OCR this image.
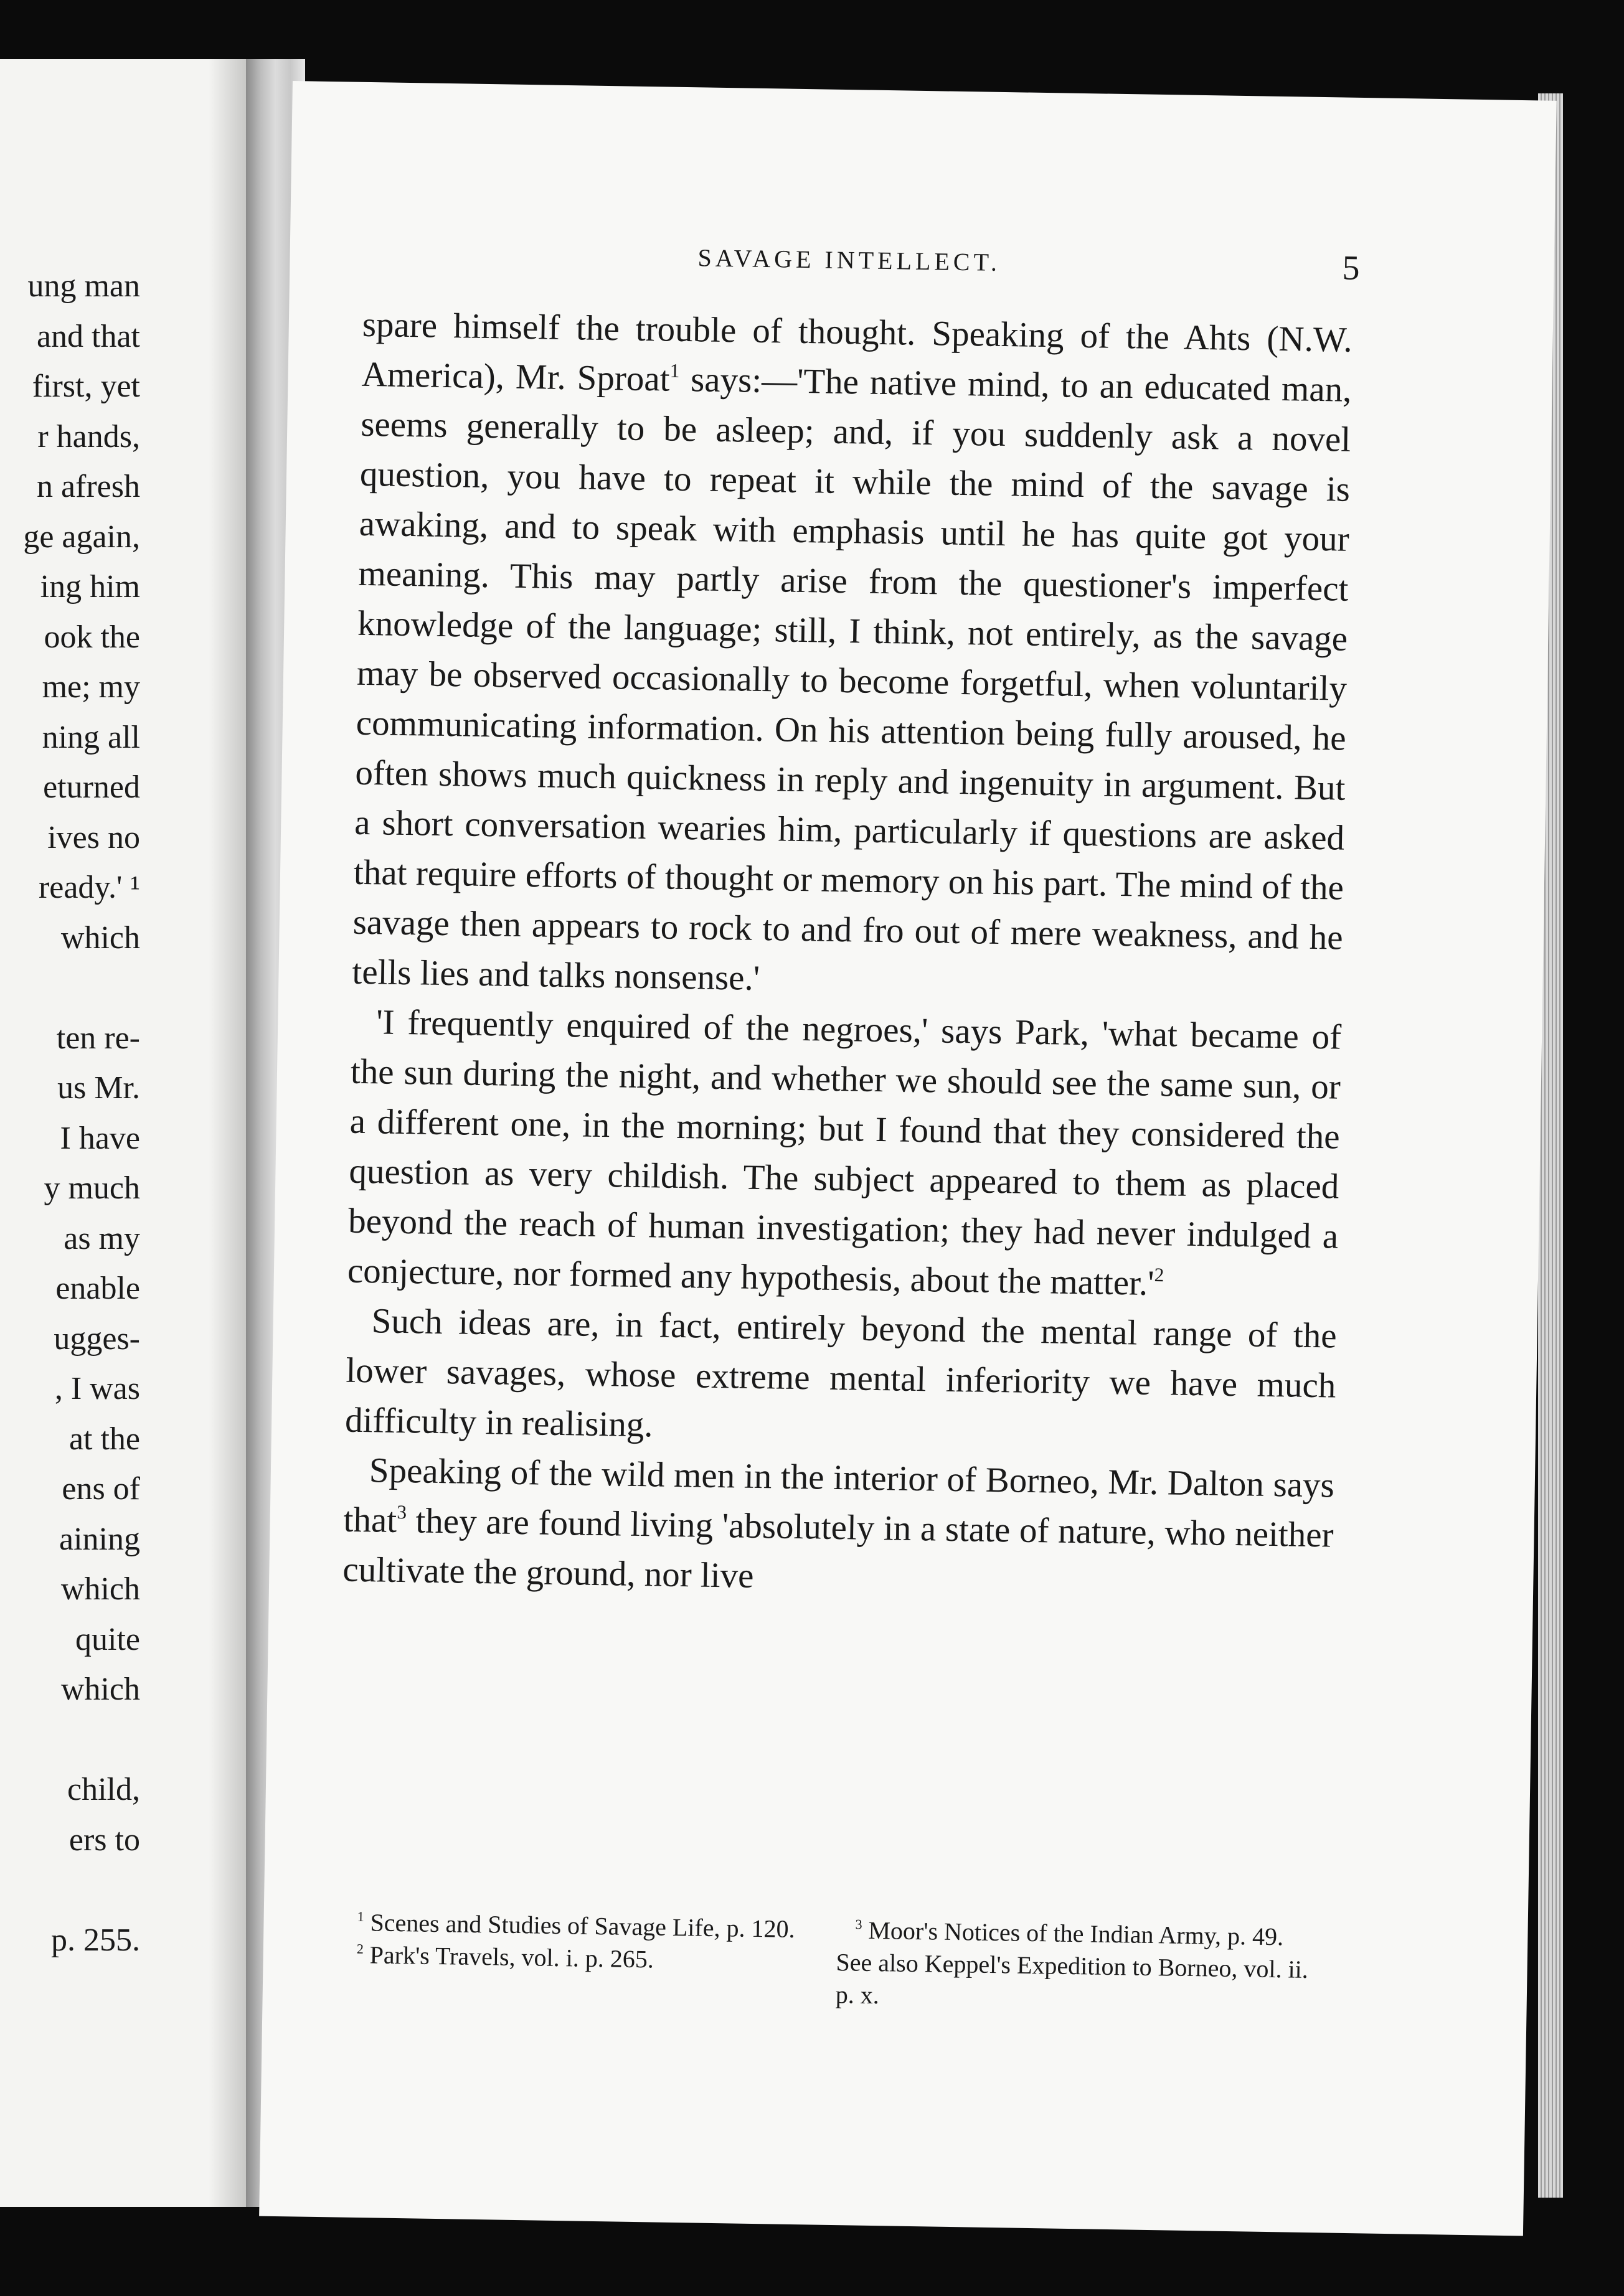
ung man

and that

first, yet

r hands,

n afresh

ge again,

ing him

ook the

me; my

ning all

eturned

ives no

ready.' ¹

which

ten re-

us Mr.

I have

y much

as my

enable

ugges-

, I was

at the

ens of

aining

which

quite

which

child,

ers to

p. 255.

SAVAGE INTELLECT.	5

spare himself the trouble of thought. Speaking of the Ahts (N.W. America), Mr. Sproat$^1$ says:—'The native mind, to an educated man, seems generally to be asleep; and, if you suddenly ask a novel question, you have to repeat it while the mind of the savage is awaking, and to speak with emphasis until he has quite got your meaning. This may partly arise from the questioner's imperfect knowledge of the language; still, I think, not entirely, as the savage may be observed occasionally to become forgetful, when voluntarily communicating information. On his attention being fully aroused, he often shows much quickness in reply and ingenuity in argument. But a short conversation wearies him, particularly if questions are asked that require efforts of thought or memory on his part. The mind of the savage then appears to rock to and fro out of mere weakness, and he tells lies and talks nonsense.'

'I frequently enquired of the negroes,' says Park, 'what became of the sun during the night, and whether we should see the same sun, or a different one, in the morning; but I found that they considered the question as very childish. The subject appeared to them as placed beyond the reach of human investigation; they had never indulged a conjecture, nor formed any hypothesis, about the $matter.'^2$

Such ideas are, in fact, entirely beyond the mental range of the lower savages, whose extreme mental inferiority we have much difficulty in realising.

Speaking of the wild men in the interior of Borneo, Mr. Dalton says that$^3$ they are found living 'absolutely in a state of nature, who neither cultivate the ground, nor live

$^1$ Scenes and Studies of Savage Life, p. 120.

$^2$ Park's Travels, vol. i. p. 265.

$^3$ Moor's Notices of the Indian Army, p. 49. See also Keppel's Expedition to Borneo, vol. ii. p. x.
